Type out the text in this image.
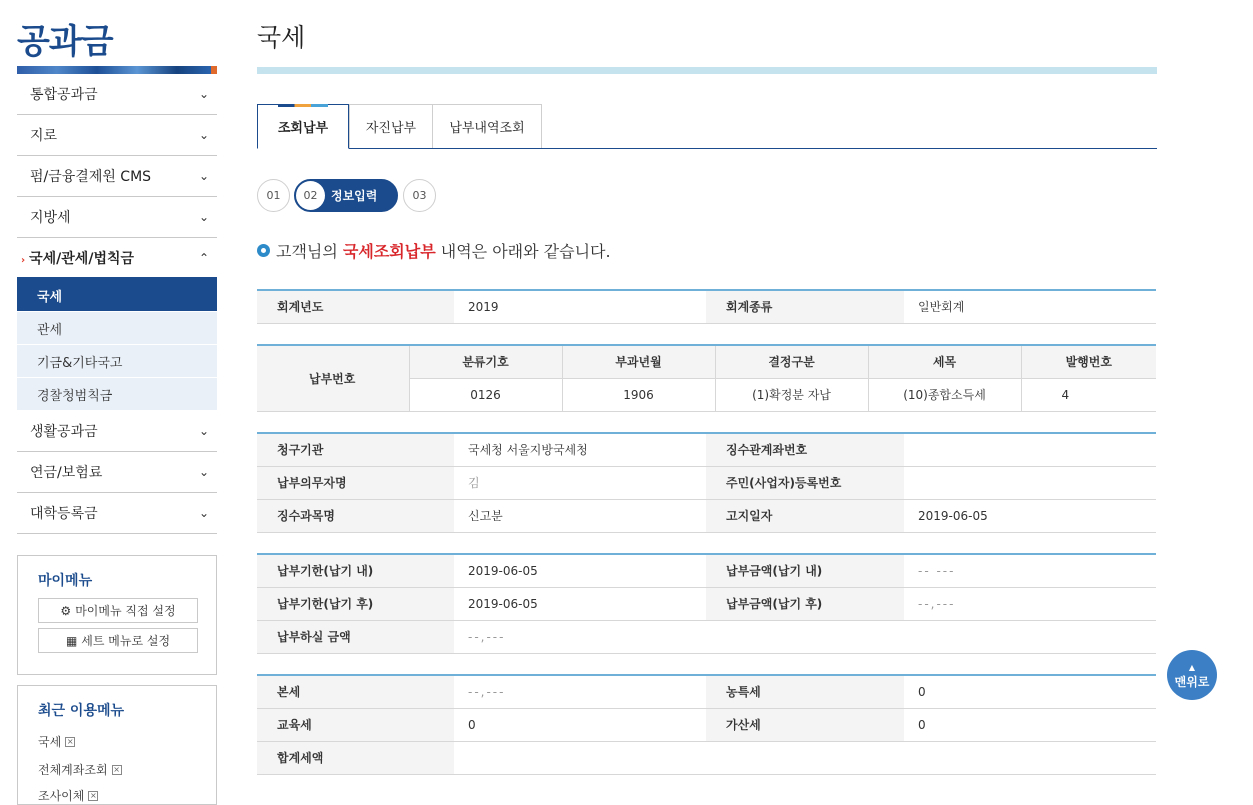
공과금
통합공과금	⌄
지로	⌄
펌/금융결제원 CMS	⌄
지방세	⌄
› 국세/관세/법칙금	⌃
국세
관세
기금&기타국고
경찰청범칙금
생활공과금	⌄
연금/보험료	⌄
대학등록금	⌄
마이메뉴
⚙ 마이메뉴 직접 설정
▦ 세트 메뉴로 설정
최근 이용메뉴
국세 ×
전체계좌조회 ×
조사이체 ×
국세
조회납부	자진납부	납부내역조회
01	02	정보입력	03
고객님의 국세조회납부 내역은 아래와 같습니다.
회계년도	2019	회계종류	일반회계
납부번호	분류기호	부과년월	결정구분	세목	발행번호
	0126	1906	(1)확정분 자납	(10)종합소득세	4
청구기관	국세청 서울지방국세청	징수관계좌번호	
납부의무자명	김	주민(사업자)등록번호	
징수과목명	신고분	고지일자	2019-06-05
납부기한(납기 내)	2019-06-05	납부금액(납기 내)	-- ---
납부기한(납기 후)	2019-06-05	납부금액(납기 후)	--,---
납부하실 금액	--,---		
본세	--,---	농특세	0
교육세	0	가산세	0
합계세액			
▲
맨위로
